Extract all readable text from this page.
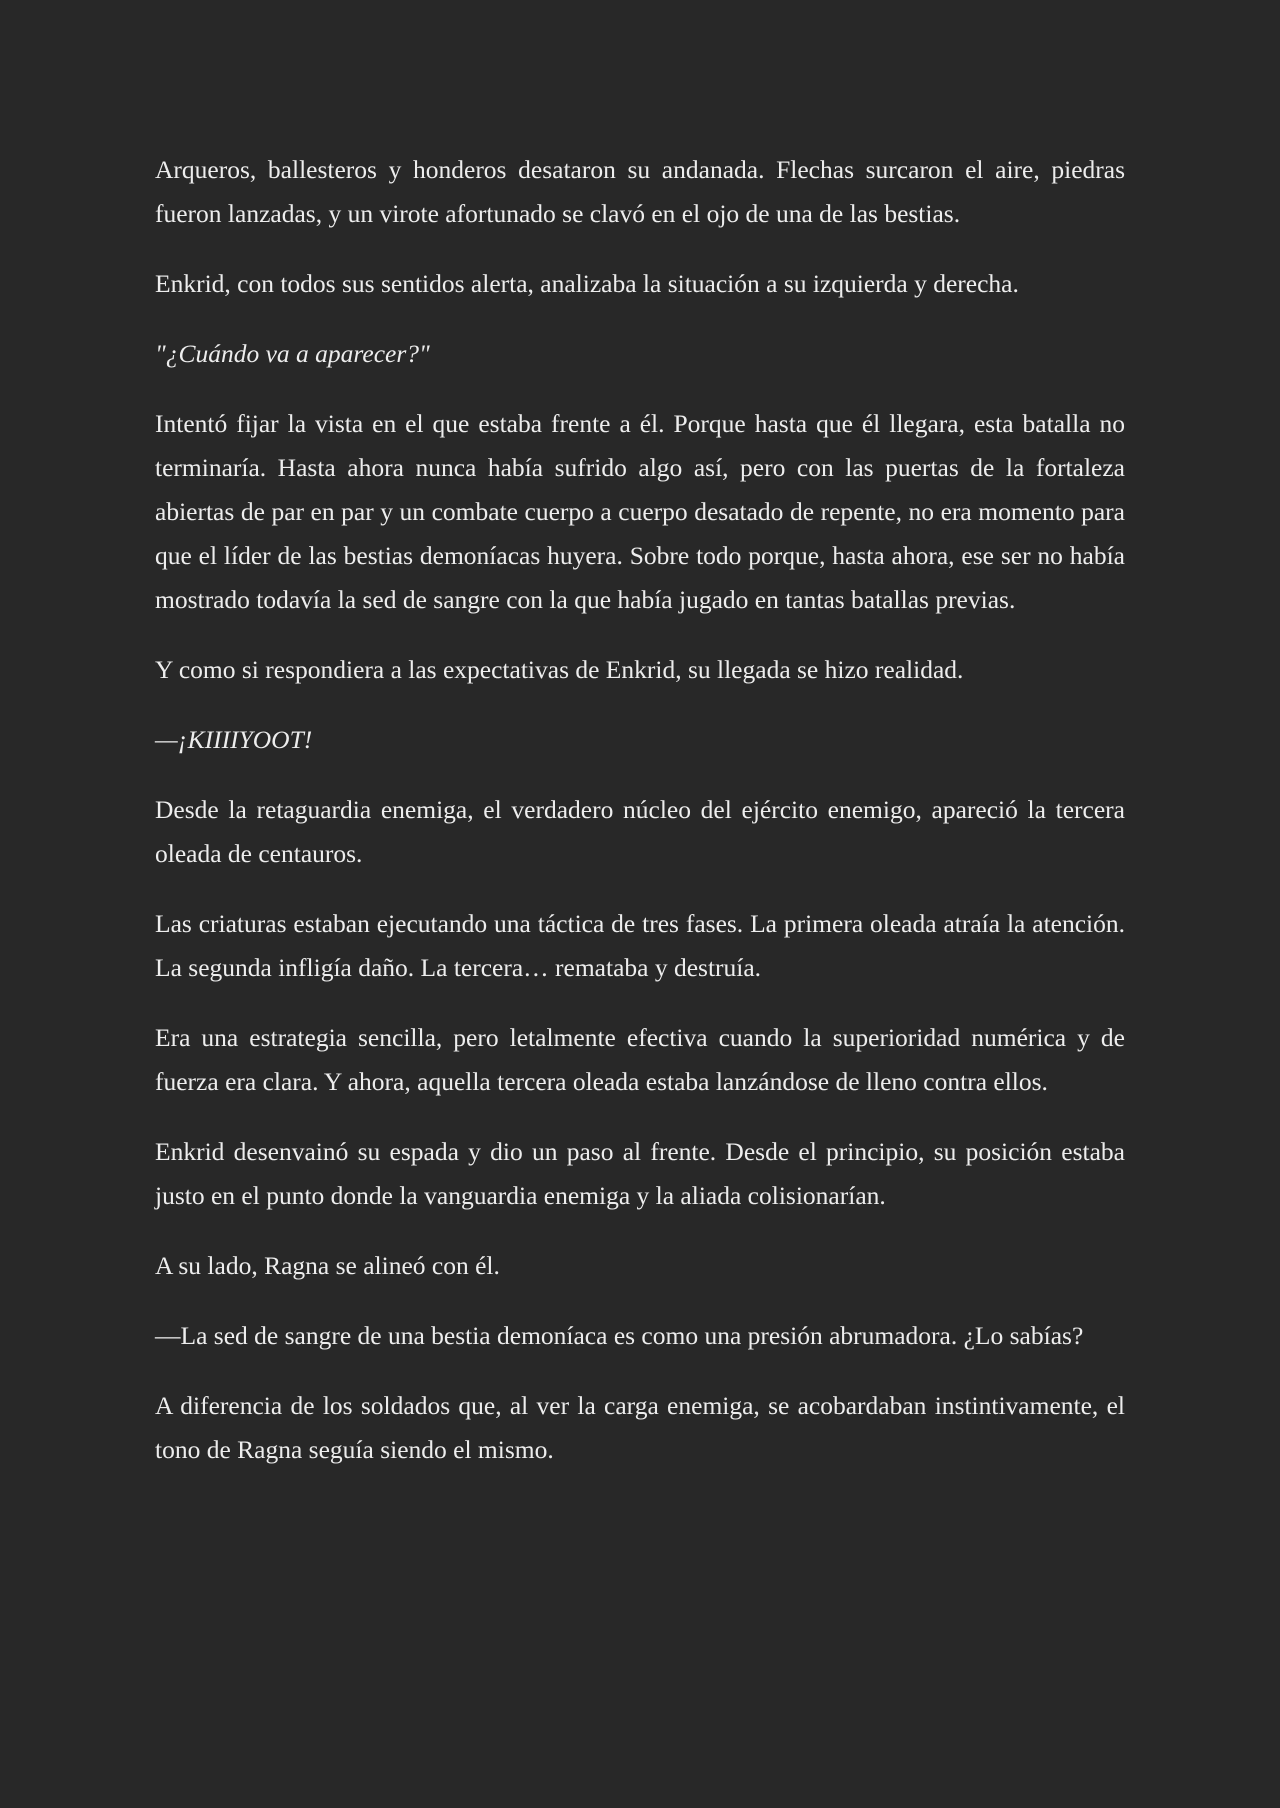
Arqueros, ballesteros y honderos desataron su andanada. Flechas surcaron el aire, piedras fueron lanzadas, y un virote afortunado se clavó en el ojo de una de las bestias.

Enkrid, con todos sus sentidos alerta, analizaba la situación a su izquierda y derecha.

"¿Cuándo va a aparecer?"

Intentó fijar la vista en el que estaba frente a él. Porque hasta que él llegara, esta batalla no terminaría. Hasta ahora nunca había sufrido algo así, pero con las puertas de la fortaleza abiertas de par en par y un combate cuerpo a cuerpo desatado de repente, no era momento para que el líder de las bestias demoníacas huyera. Sobre todo porque, hasta ahora, ese ser no había mostrado todavía la sed de sangre con la que había jugado en tantas batallas previas.

Y como si respondiera a las expectativas de Enkrid, su llegada se hizo realidad.

—¡KIIIIYOOT!

Desde la retaguardia enemiga, el verdadero núcleo del ejército enemigo, apareció la tercera oleada de centauros.

Las criaturas estaban ejecutando una táctica de tres fases. La primera oleada atraía la atención. La segunda infligía daño. La tercera… remataba y destruía.

Era una estrategia sencilla, pero letalmente efectiva cuando la superioridad numérica y de fuerza era clara. Y ahora, aquella tercera oleada estaba lanzándose de lleno contra ellos.

Enkrid desenvainó su espada y dio un paso al frente. Desde el principio, su posición estaba justo en el punto donde la vanguardia enemiga y la aliada colisionarían.

A su lado, Ragna se alineó con él.

—La sed de sangre de una bestia demoníaca es como una presión abrumadora. ¿Lo sabías?

A diferencia de los soldados que, al ver la carga enemiga, se acobardaban instintivamente, el tono de Ragna seguía siendo el mismo.
